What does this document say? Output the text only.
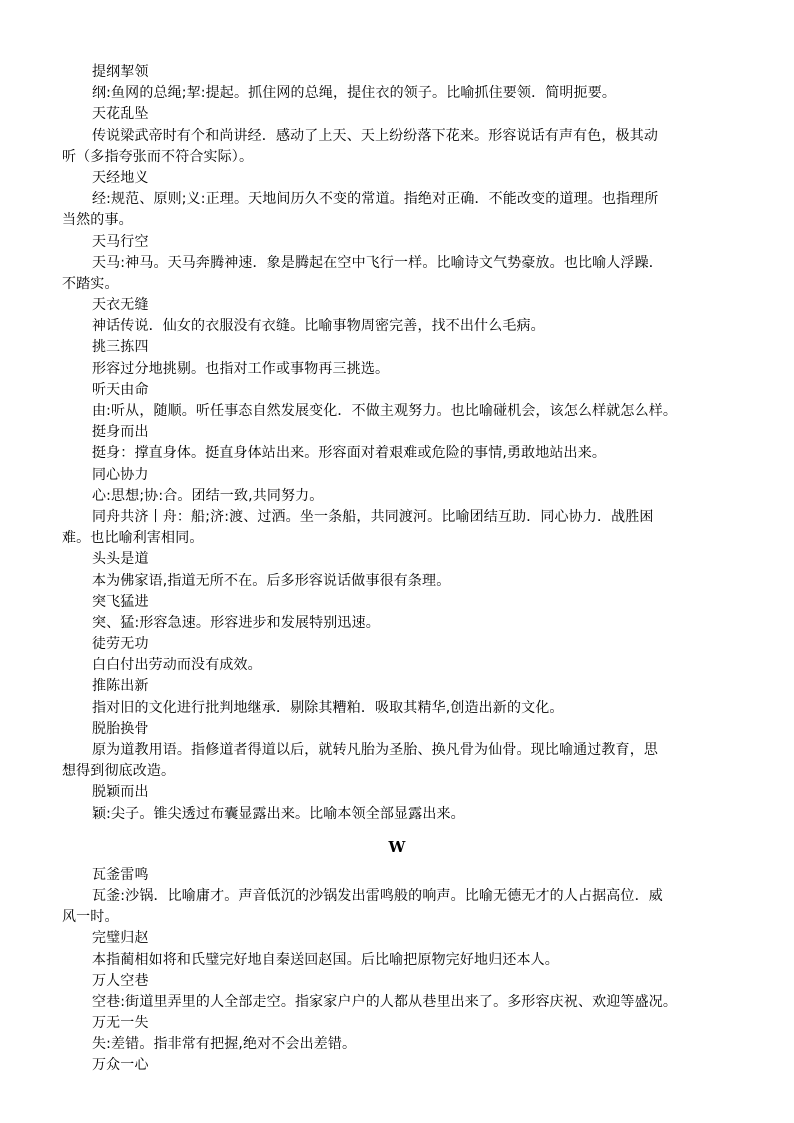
提纲挈领
纲:鱼网的总绳;挈:提起。抓住网的总绳，提住衣的领子。比喻抓住要领．简明扼要。
天花乱坠
传说梁武帝时有个和尚讲经．感动了上天、天上纷纷落下花来。形容说话有声有色，极其动
听（多指夸张而不符合实际）。
天经地义
经:规范、原则;义:正理。天地间历久不变的常道。指绝对正确．不能改变的道理。也指理所
当然的事。
天马行空
天马:神马。天马奔腾神速．象是腾起在空中飞行一样。比喻诗文气势豪放。也比喻人浮躁．
不踏实。
天衣无缝
神话传说．仙女的衣服没有衣缝。比喻事物周密完善，找不出什么毛病。
挑三拣四
形容过分地挑剔。也指对工作或事物再三挑选。
听天由命
由:听从，随顺。听任事态自然发展变化．不做主观努力。也比喻碰机会，该怎么样就怎么样。
挺身而出
挺身：撑直身体。挺直身体站出来。形容面对着艰难或危险的事情,勇敢地站出来。
同心协力
心:思想;协:合。团结一致,共同努力。
同舟共济丨舟：船;济:渡、过洒。坐一条船，共同渡河。比喻团结互助．同心协力．战胜困
难。也比喻利害相同。
头头是道
本为佛家语,指道无所不在。后多形容说话做事很有条理。
突飞猛进
突、猛:形容急速。形容进步和发展特别迅速。
徒劳无功
白白付出劳动而没有成效。
推陈出新
指对旧的文化进行批判地继承．剔除其糟粕．吸取其精华,创造出新的文化。
脱胎换骨
原为道教用语。指修道者得道以后，就转凡胎为圣胎、换凡骨为仙骨。现比喻通过教育，思
想得到彻底改造。
脱颖而出
颖:尖子。锥尖透过布囊显露出来。比喻本领全部显露出来。
W
瓦釜雷鸣
瓦釜:沙锅．比喻庸才。声音低沉的沙锅发出雷鸣般的响声。比喻无德无才的人占据高位．威
风一时。
完璧归赵
本指蔺相如将和氏璧完好地自秦送回赵国。后比喻把原物完好地归还本人。
万人空巷
空巷:街道里弄里的人全部走空。指家家户户的人都从巷里出来了。多形容庆祝、欢迎等盛况。
万无一失
失:差错。指非常有把握,绝对不会出差错。
万众一心
